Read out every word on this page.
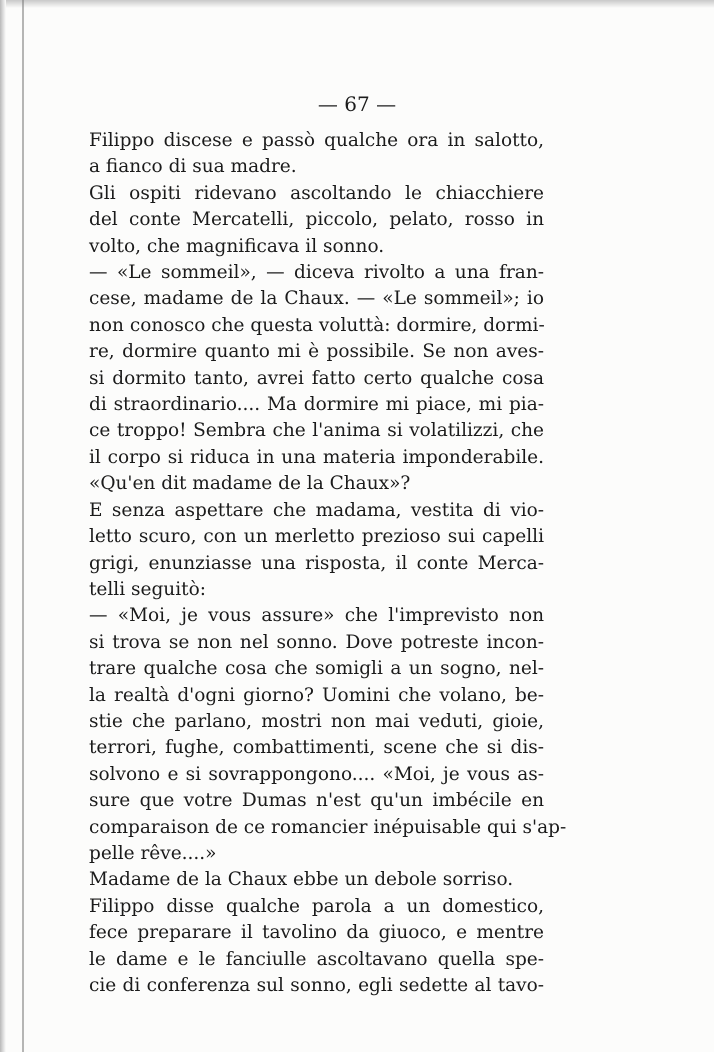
— 67 —
Filippo discese e passò qualche ora in salotto,
a fianco di sua madre.
Gli ospiti ridevano ascoltando le chiacchiere
del conte Mercatelli, piccolo, pelato, rosso in
volto, che magnificava il sonno.
— «Le sommeil», — diceva rivolto a una fran-
cese, madame de la Chaux. — «Le sommeil»; io
non conosco che questa voluttà: dormire, dormi-
re, dormire quanto mi è possibile. Se non aves-
si dormito tanto, avrei fatto certo qualche cosa
di straordinario.... Ma dormire mi piace, mi pia-
ce troppo! Sembra che l'anima si volatilizzi, che
il corpo si riduca in una materia imponderabile.
«Qu'en dit madame de la Chaux»?
E senza aspettare che madama, vestita di vio-
letto scuro, con un merletto prezioso sui capelli
grigi, enunziasse una risposta, il conte Merca-
telli seguitò:
— «Moi, je vous assure» che l'imprevisto non
si trova se non nel sonno. Dove potreste incon-
trare qualche cosa che somigli a un sogno, nel-
la realtà d'ogni giorno? Uomini che volano, be-
stie che parlano, mostri non mai veduti, gioie,
terrori, fughe, combattimenti, scene che si dis-
solvono e si sovrappongono.... «Moi, je vous as-
sure que votre Dumas n'est qu'un imbécile en
comparaison de ce romancier inépuisable qui s'ap-
pelle rêve....»
Madame de la Chaux ebbe un debole sorriso.
Filippo disse qualche parola a un domestico,
fece preparare il tavolino da giuoco, e mentre
le dame e le fanciulle ascoltavano quella spe-
cie di conferenza sul sonno, egli sedette al tavo-
